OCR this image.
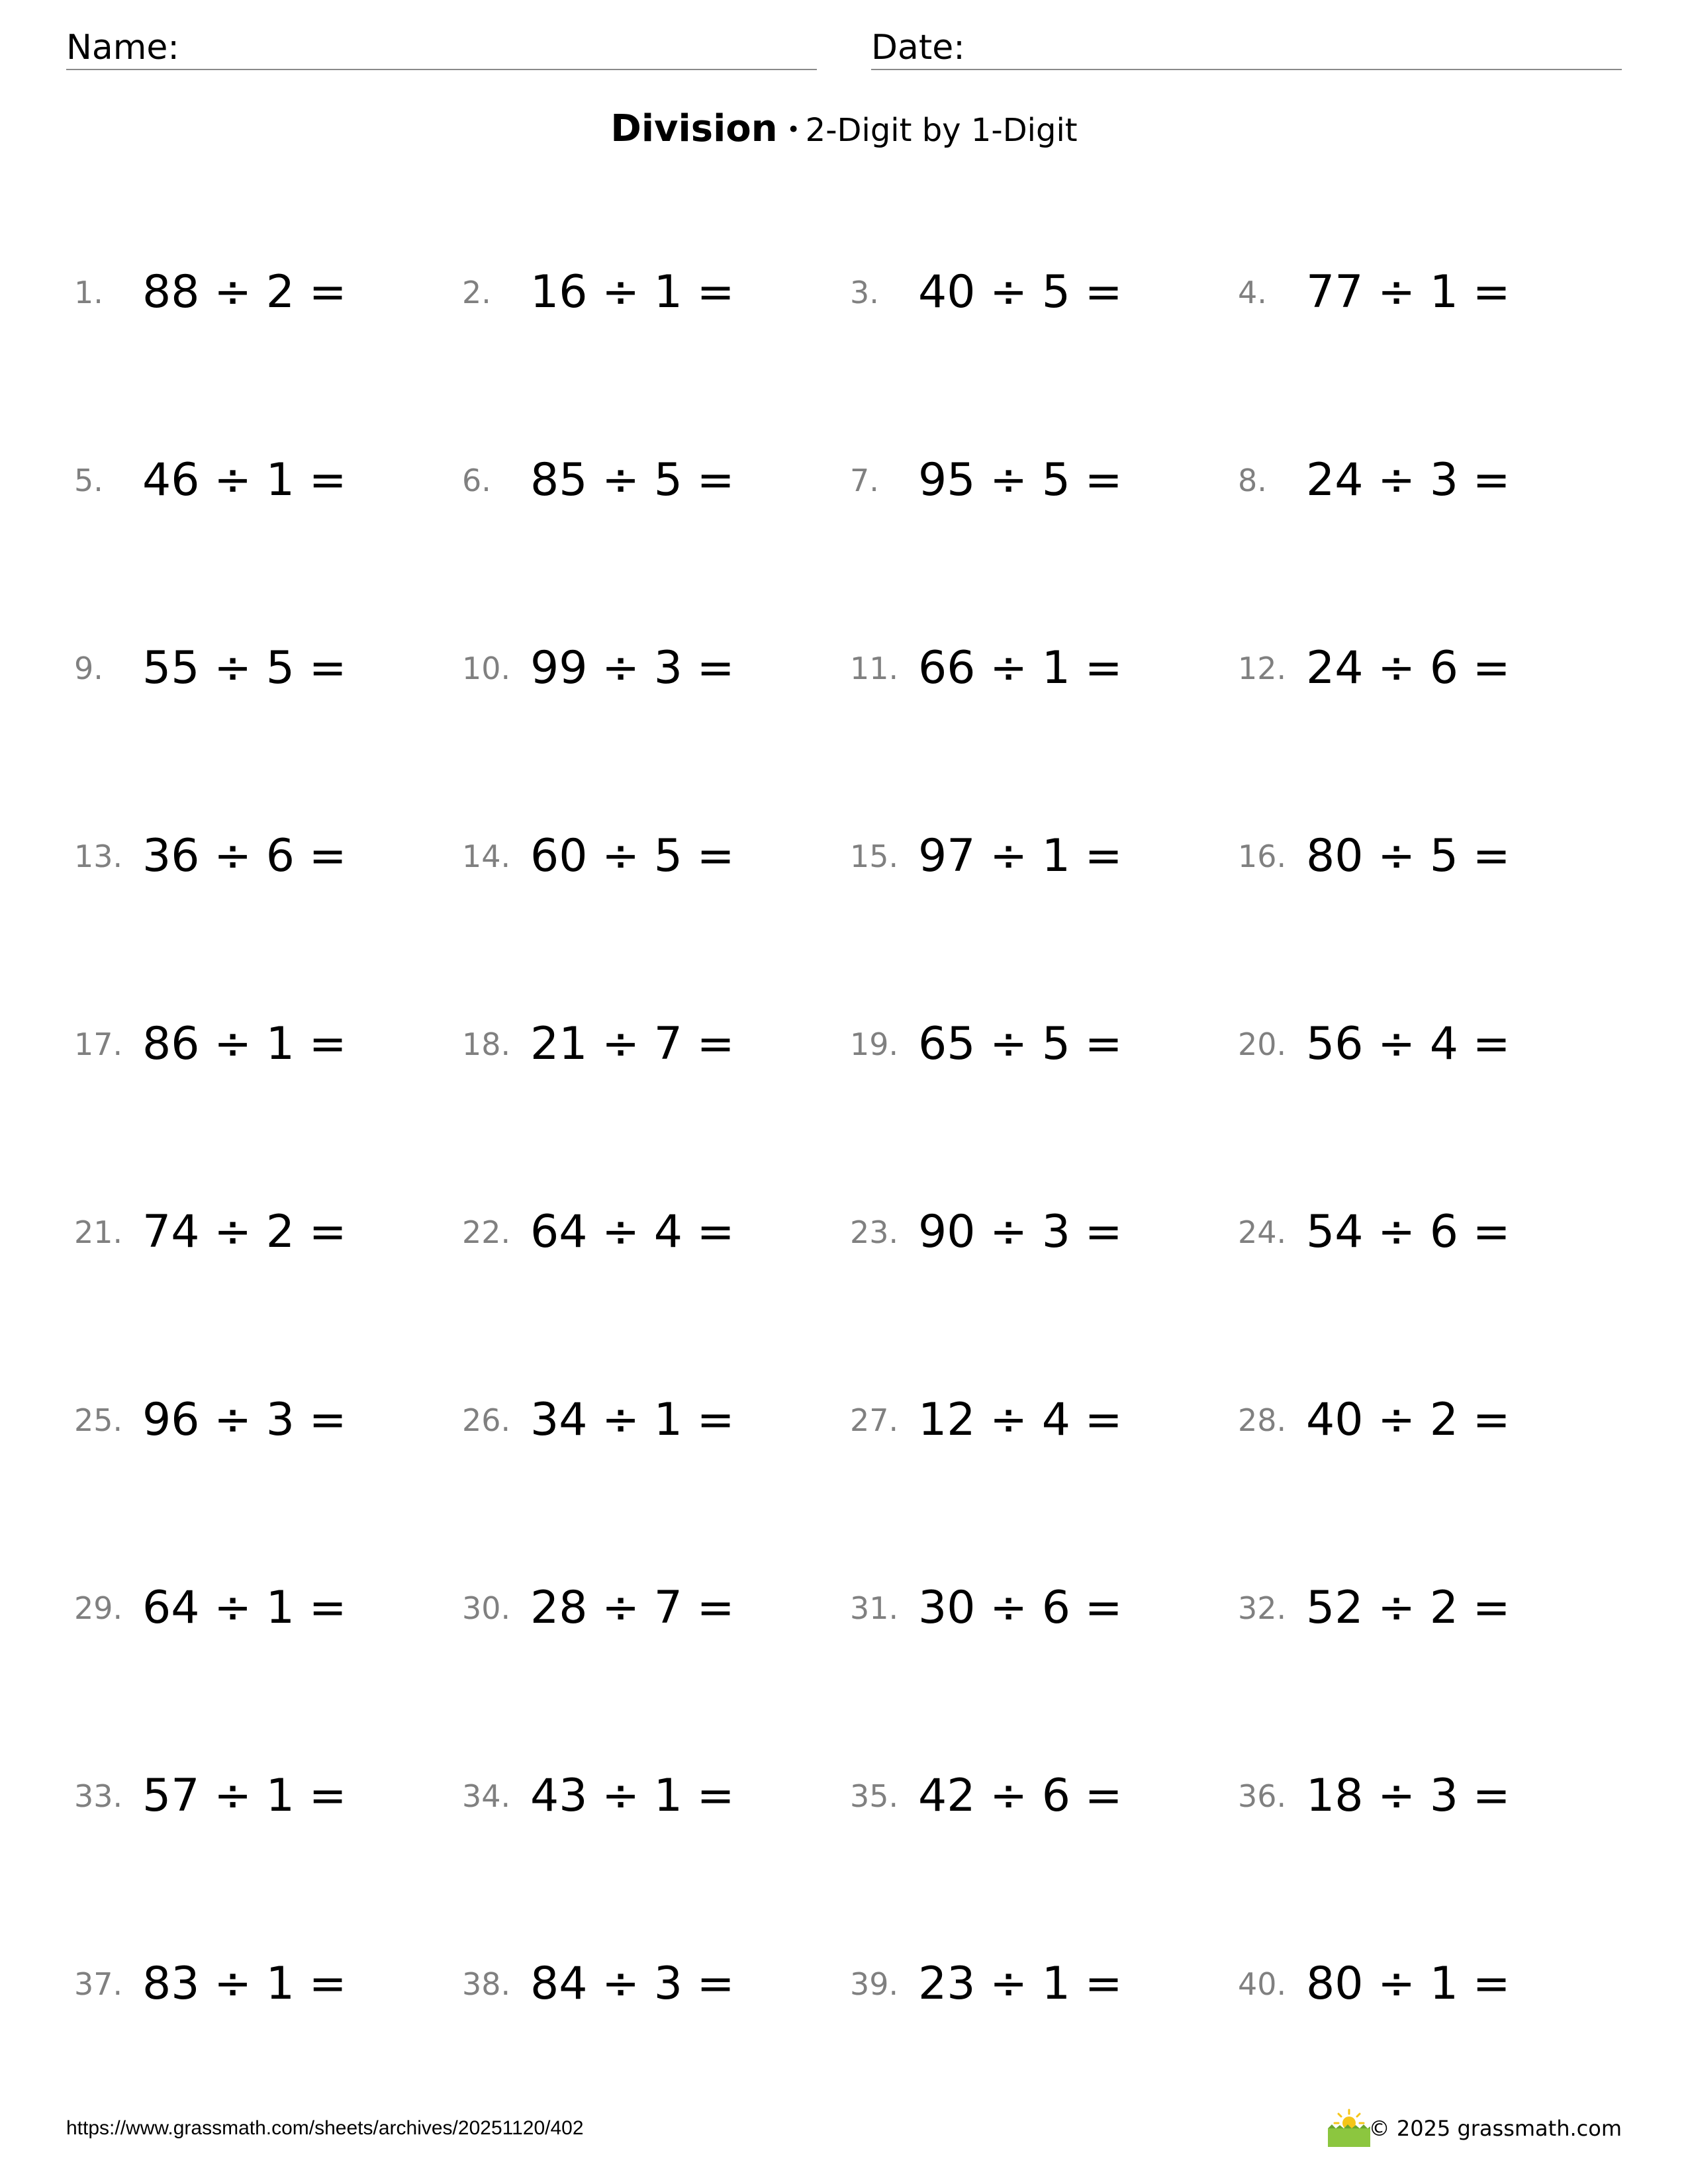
Name:	Date:
Division • 2-Digit by 1-Digit
1. 88 ÷ 2 =	2. 16 ÷ 1 =	3. 40 ÷ 5 =	4. 77 ÷ 1 =
5. 46 ÷ 1 =	6. 85 ÷ 5 =	7. 95 ÷ 5 =	8. 24 ÷ 3 =
9. 55 ÷ 5 =	10. 99 ÷ 3 =	11. 66 ÷ 1 =	12. 24 ÷ 6 =
13. 36 ÷ 6 =	14. 60 ÷ 5 =	15. 97 ÷ 1 =	16. 80 ÷ 5 =
17. 86 ÷ 1 =	18. 21 ÷ 7 =	19. 65 ÷ 5 =	20. 56 ÷ 4 =
21. 74 ÷ 2 =	22. 64 ÷ 4 =	23. 90 ÷ 3 =	24. 54 ÷ 6 =
25. 96 ÷ 3 =	26. 34 ÷ 1 =	27. 12 ÷ 4 =	28. 40 ÷ 2 =
29. 64 ÷ 1 =	30. 28 ÷ 7 =	31. 30 ÷ 6 =	32. 52 ÷ 2 =
33. 57 ÷ 1 =	34. 43 ÷ 1 =	35. 42 ÷ 6 =	36. 18 ÷ 3 =
37. 83 ÷ 1 =	38. 84 ÷ 3 =	39. 23 ÷ 1 =	40. 80 ÷ 1 =
https://www.grassmath.com/sheets/archives/20251120/402	© 2025 grassmath.com
